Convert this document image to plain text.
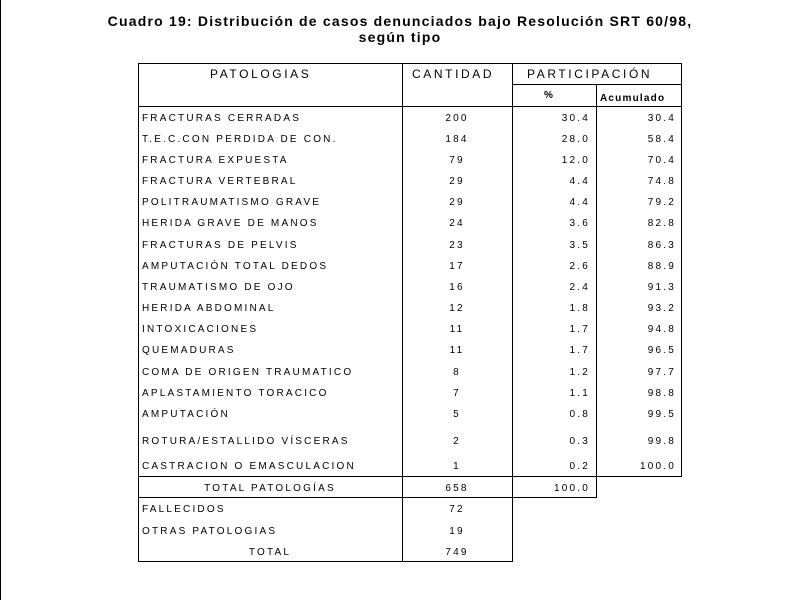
Cuadro 19: Distribución de casos denunciados bajo Resolución SRT 60/98,
según tipo
PATOLOGIAS	CANTIDAD	PARTICIPACIÓN
%	Acumulado
FRACTURAS CERRADAS	200	30.4	30.4
T.E.C.CON PERDIDA DE CON.	184	28.0	58.4
FRACTURA EXPUESTA	79	12.0	70.4
FRACTURA VERTEBRAL	29	4.4	74.8
POLITRAUMATISMO GRAVE	29	4.4	79.2
HERIDA GRAVE DE MANOS	24	3.6	82.8
FRACTURAS DE PELVIS	23	3.5	86.3
AMPUTACIÓN TOTAL DEDOS	17	2.6	88.9
TRAUMATISMO DE OJO	16	2.4	91.3
HERIDA ABDOMINAL	12	1.8	93.2
INTOXICACIONES	11	1.7	94.8
QUEMADURAS	11	1.7	96.5
COMA DE ORIGEN TRAUMATICO	8	1.2	97.7
APLASTAMIENTO TORACICO	7	1.1	98.8
AMPUTACIÓN	5	0.8	99.5
ROTURA/ESTALLIDO VÍSCERAS	2	0.3	99.8
CASTRACION O EMASCULACION	1	0.2	100.0
TOTAL PATOLOGÍAS	658	100.0
FALLECIDOS	72
OTRAS PATOLOGIAS	19
TOTAL	749
